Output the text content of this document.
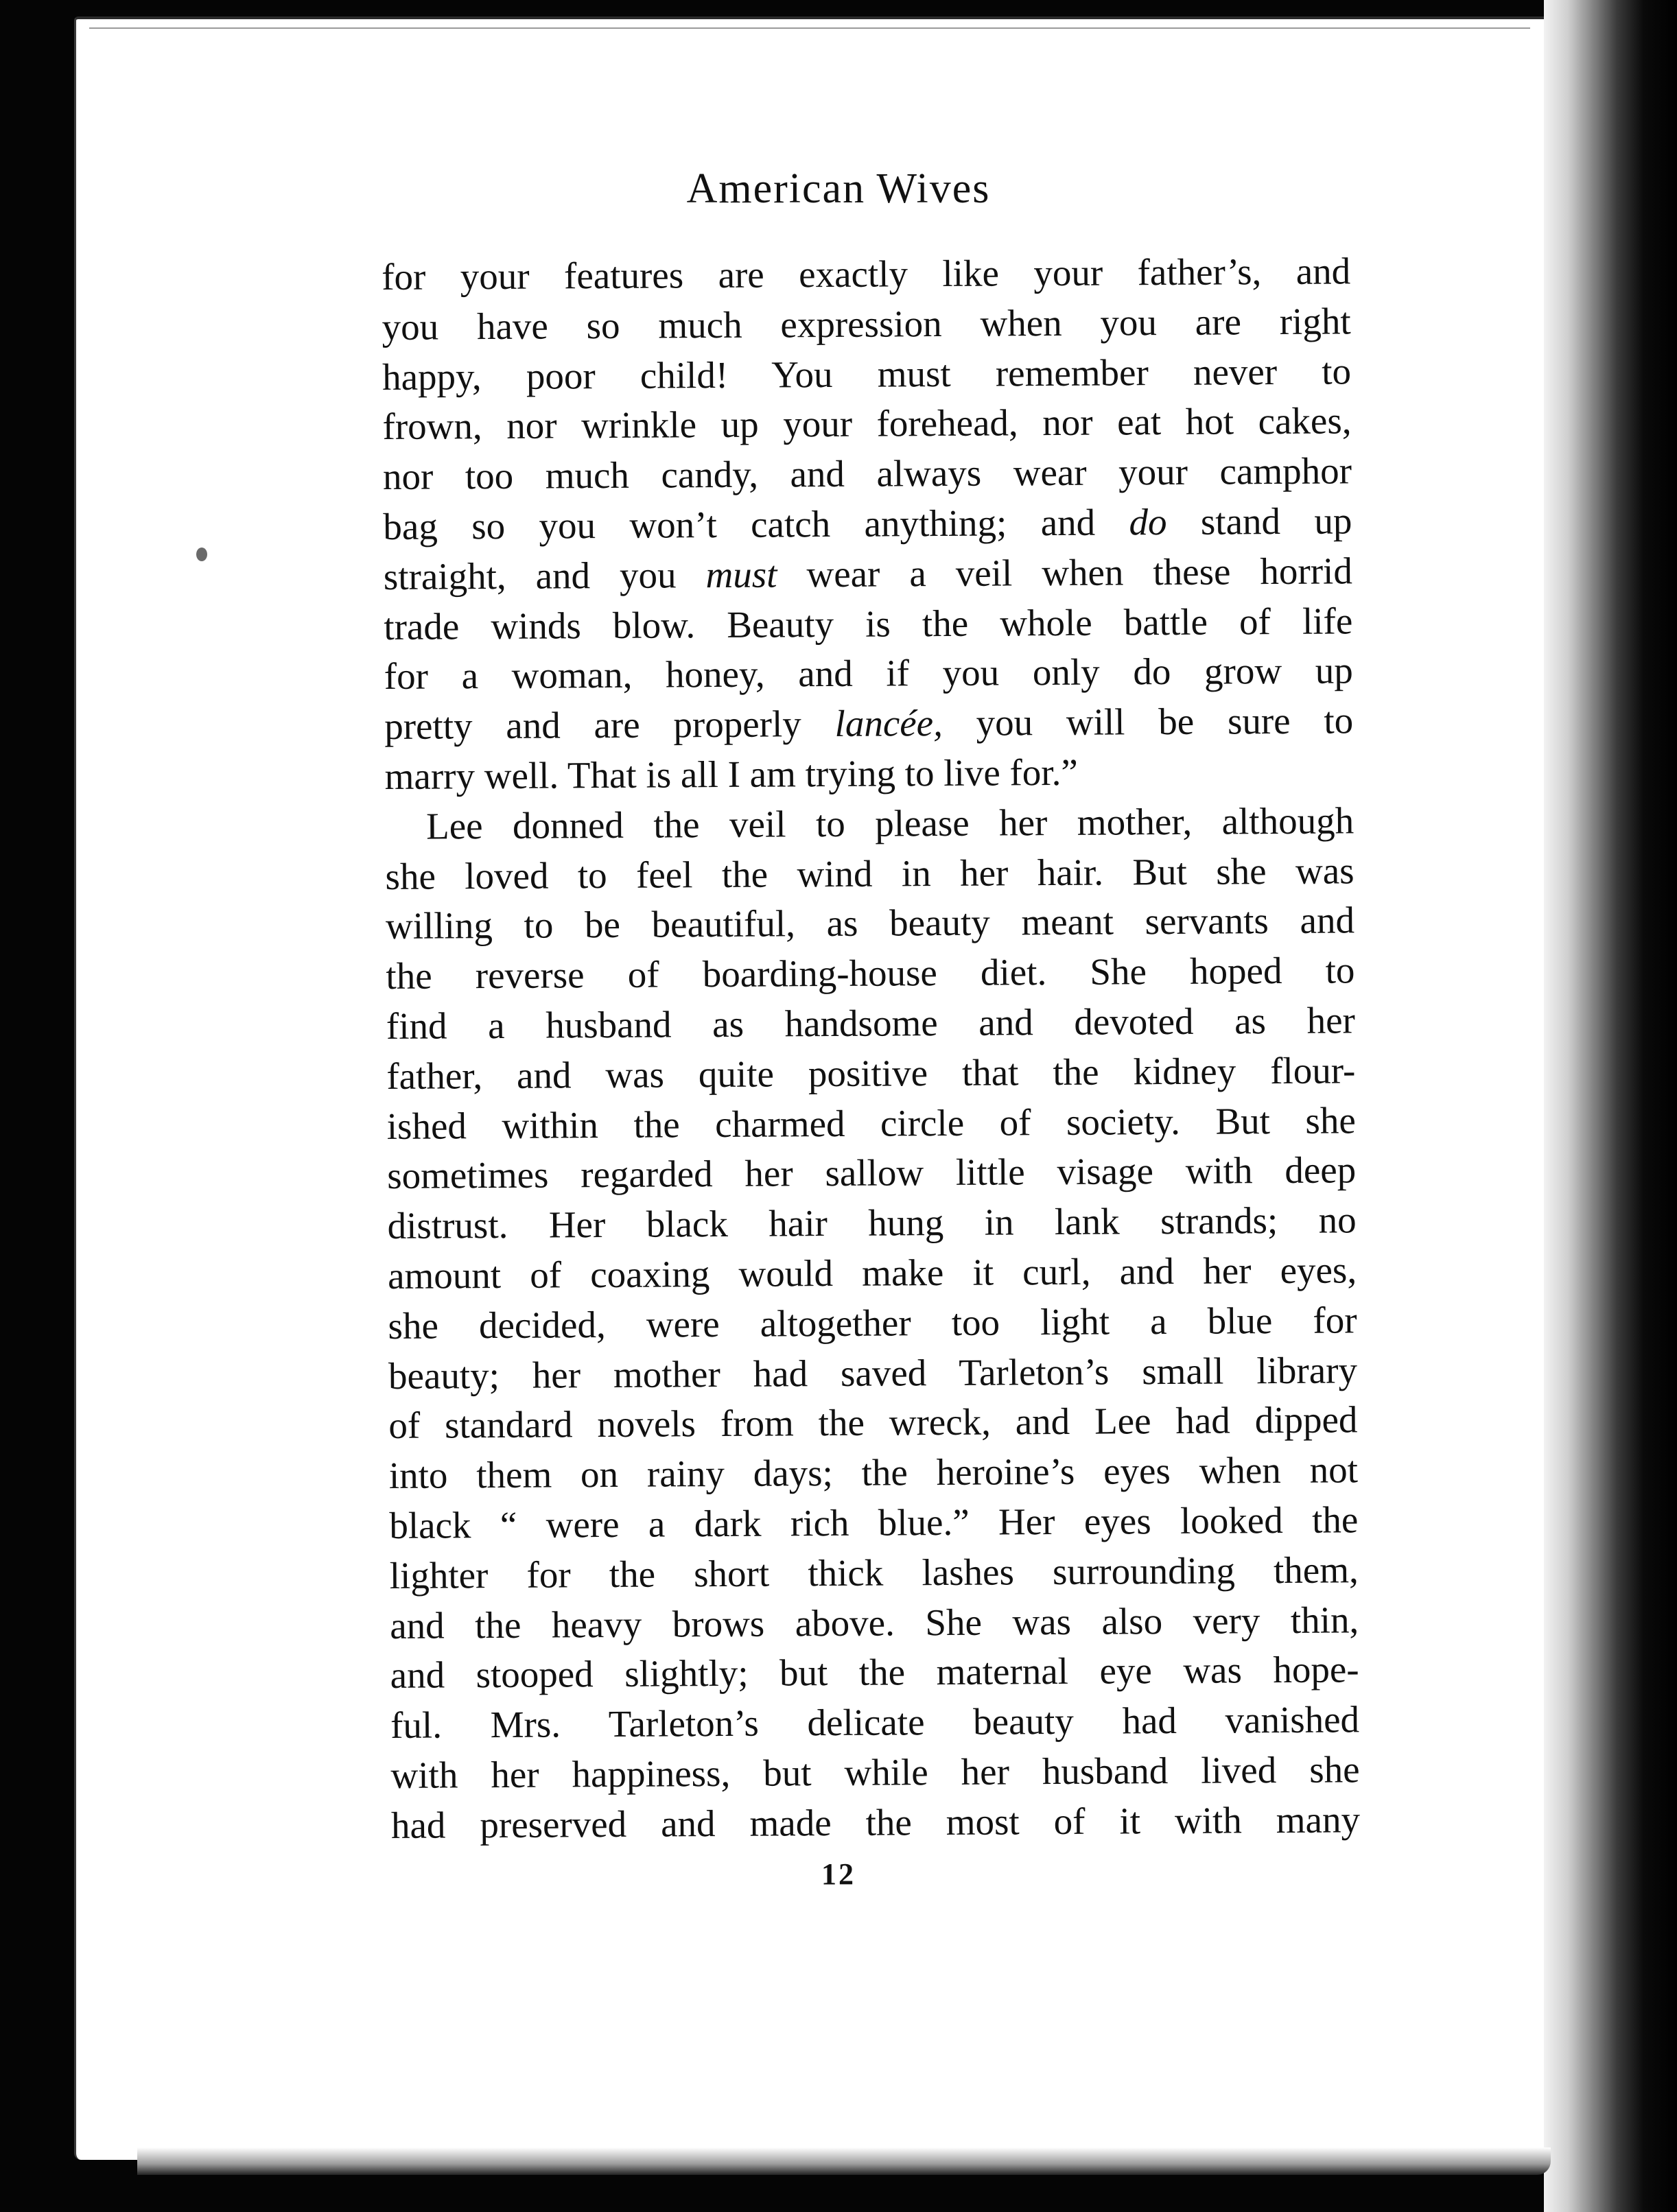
American Wives
for your features are exactly like your father’s, and
you have so much expression when you are right
happy, poor child! You must remember never to
frown, nor wrinkle up your forehead, nor eat hot cakes,
nor too much candy, and always wear your camphor
bag so you won’t catch anything; and do stand up
straight, and you must wear a veil when these horrid
trade winds blow. Beauty is the whole battle of life
for a woman, honey, and if you only do grow up
pretty and are properly lancée, you will be sure to
marry well. That is all I am trying to live for.”
Lee donned the veil to please her mother, although
she loved to feel the wind in her hair. But she was
willing to be beautiful, as beauty meant servants and
the reverse of boarding-house diet. She hoped to
find a husband as handsome and devoted as her
father, and was quite positive that the kidney flour-
ished within the charmed circle of society. But she
sometimes regarded her sallow little visage with deep
distrust. Her black hair hung in lank strands; no
amount of coaxing would make it curl, and her eyes,
she decided, were altogether too light a blue for
beauty; her mother had saved Tarleton’s small library
of standard novels from the wreck, and Lee had dipped
into them on rainy days; the heroine’s eyes when not
black “ were a dark rich blue.” Her eyes looked the
lighter for the short thick lashes surrounding them,
and the heavy brows above. She was also very thin,
and stooped slightly; but the maternal eye was hope-
ful. Mrs. Tarleton’s delicate beauty had vanished
with her happiness, but while her husband lived she
had preserved and made the most of it with many
12
